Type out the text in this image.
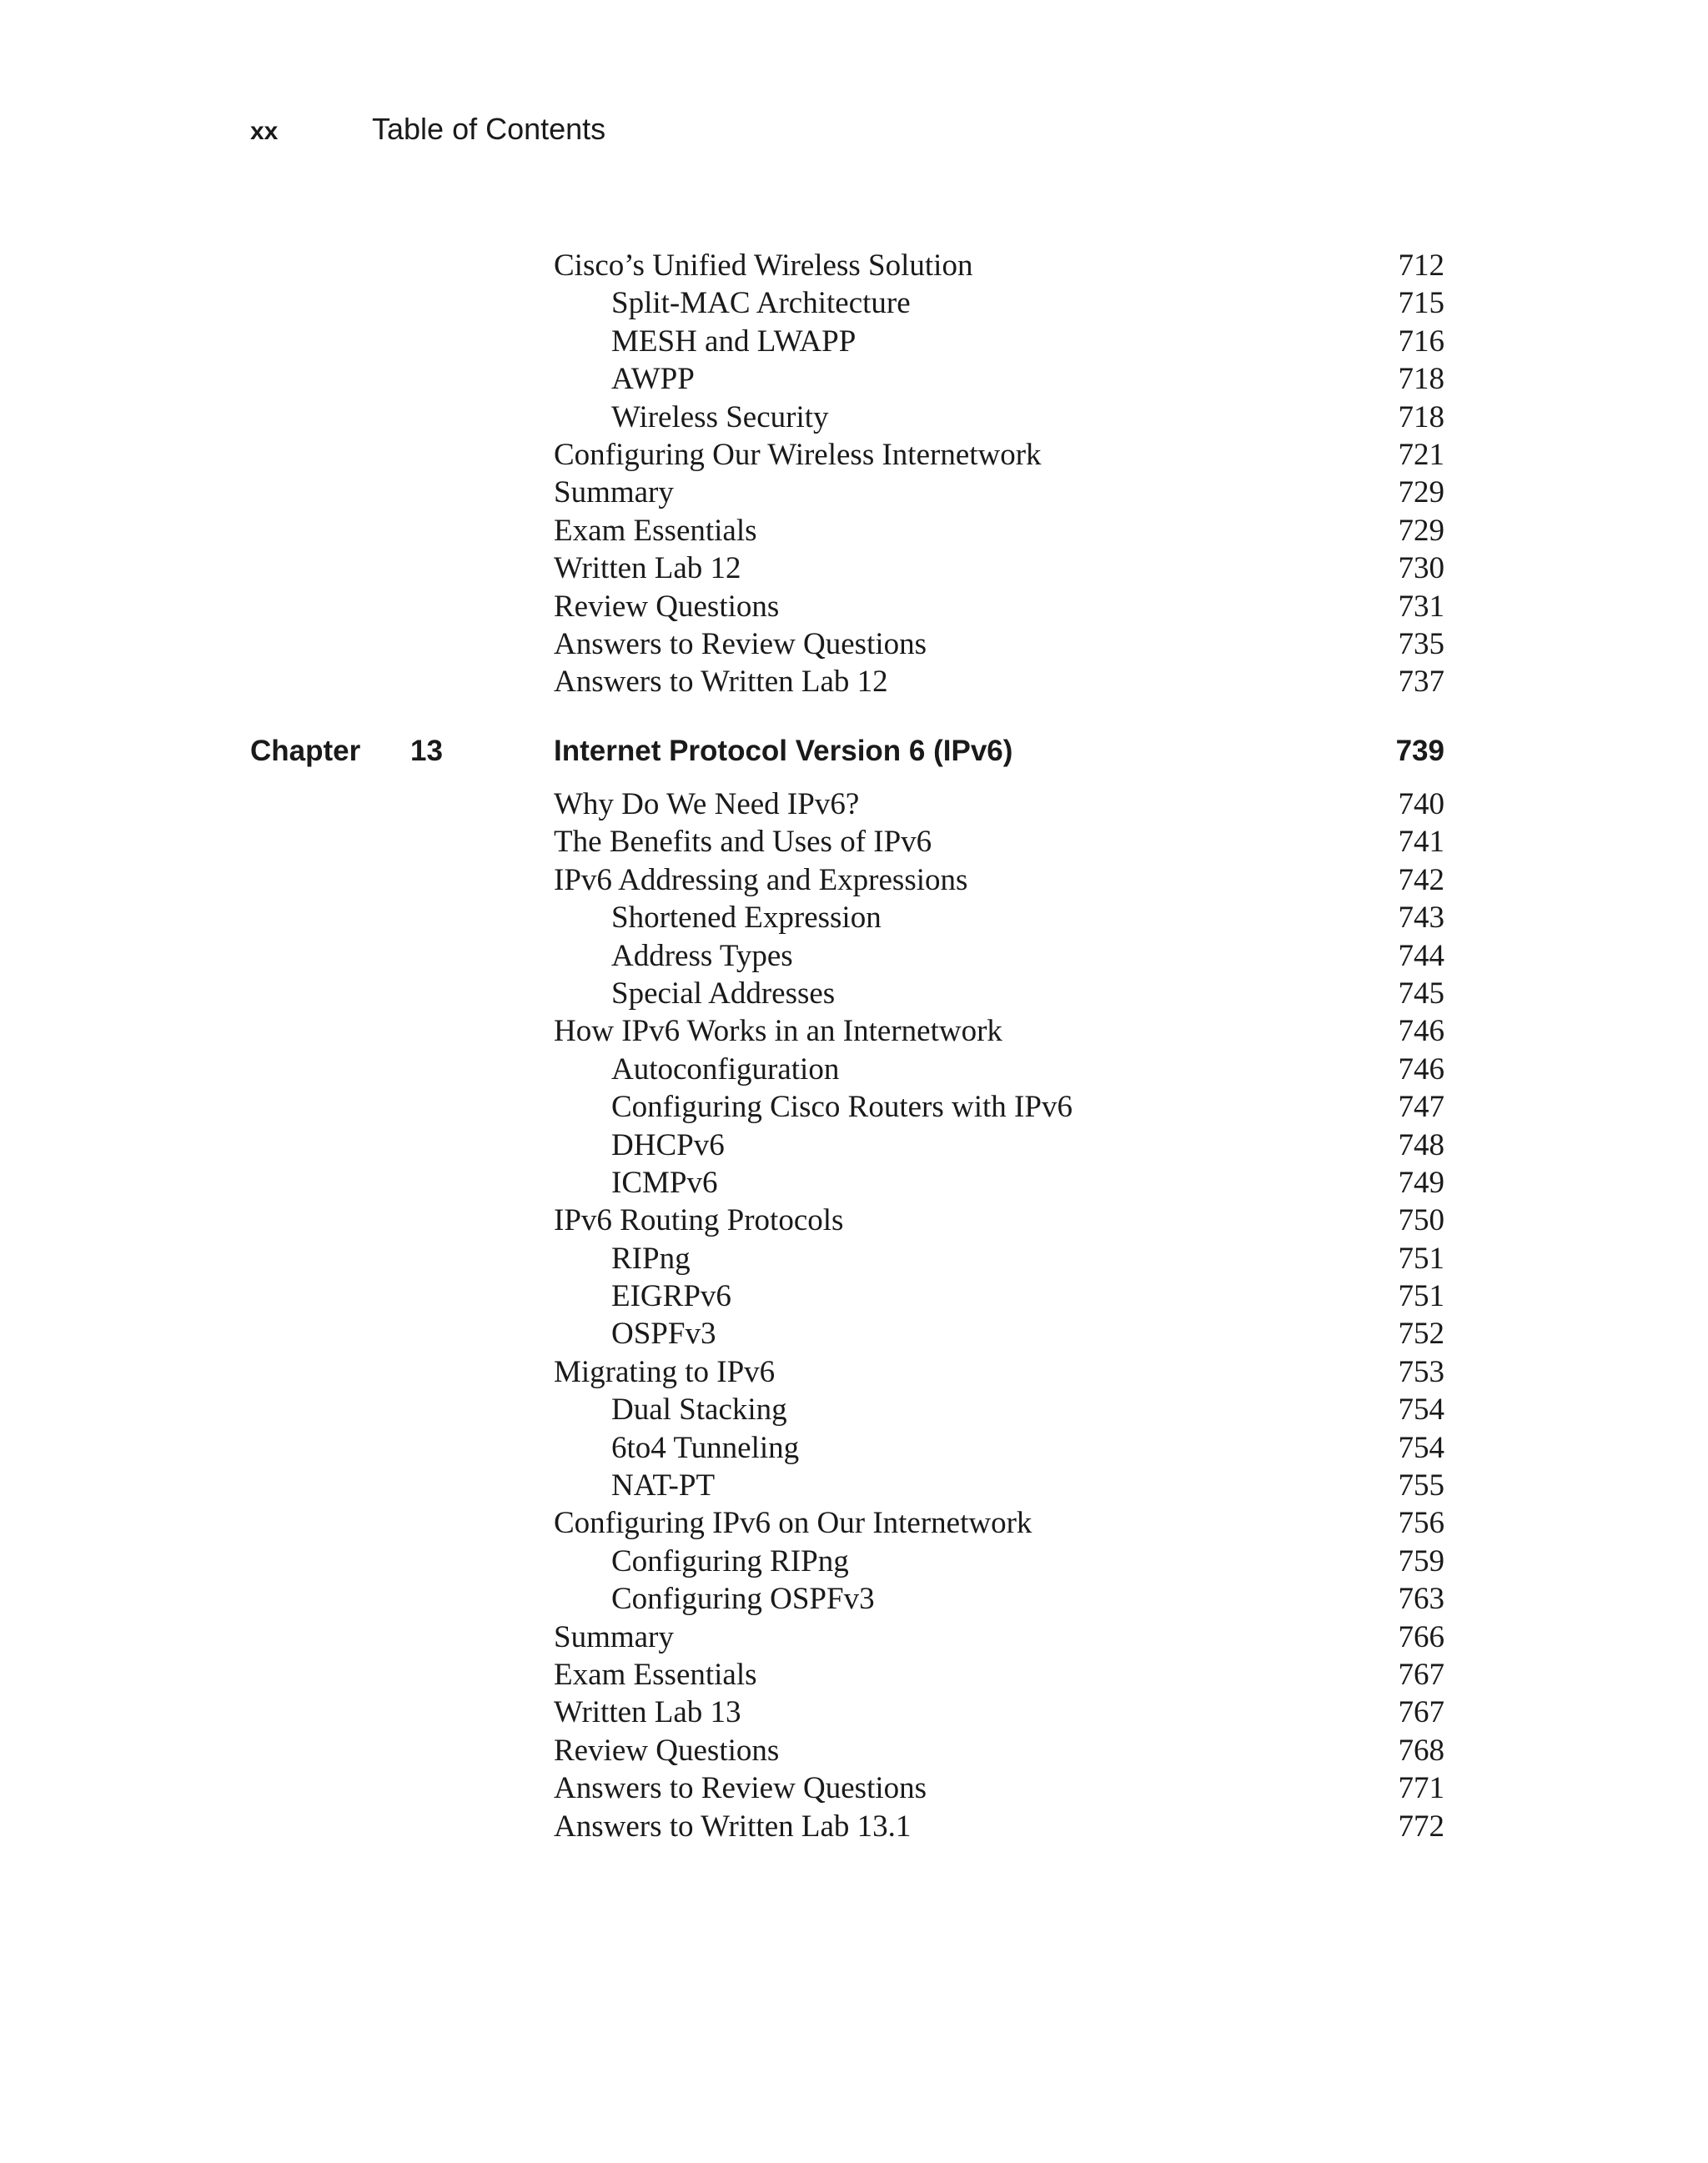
xx	Table of Contents
Cisco’s Unified Wireless Solution	712
Split-MAC Architecture	715
MESH and LWAPP	716
AWPP	718
Wireless Security	718
Configuring Our Wireless Internetwork	721
Summary	729
Exam Essentials	729
Written Lab 12	730
Review Questions	731
Answers to Review Questions	735
Answers to Written Lab 12	737
Chapter 13	Internet Protocol Version 6 (IPv6)	739
Why Do We Need IPv6?	740
The Benefits and Uses of IPv6	741
IPv6 Addressing and Expressions	742
Shortened Expression	743
Address Types	744
Special Addresses	745
How IPv6 Works in an Internetwork	746
Autoconfiguration	746
Configuring Cisco Routers with IPv6	747
DHCPv6	748
ICMPv6	749
IPv6 Routing Protocols	750
RIPng	751
EIGRPv6	751
OSPFv3	752
Migrating to IPv6	753
Dual Stacking	754
6to4 Tunneling	754
NAT-PT	755
Configuring IPv6 on Our Internetwork	756
Configuring RIPng	759
Configuring OSPFv3	763
Summary	766
Exam Essentials	767
Written Lab 13	767
Review Questions	768
Answers to Review Questions	771
Answers to Written Lab 13.1	772
